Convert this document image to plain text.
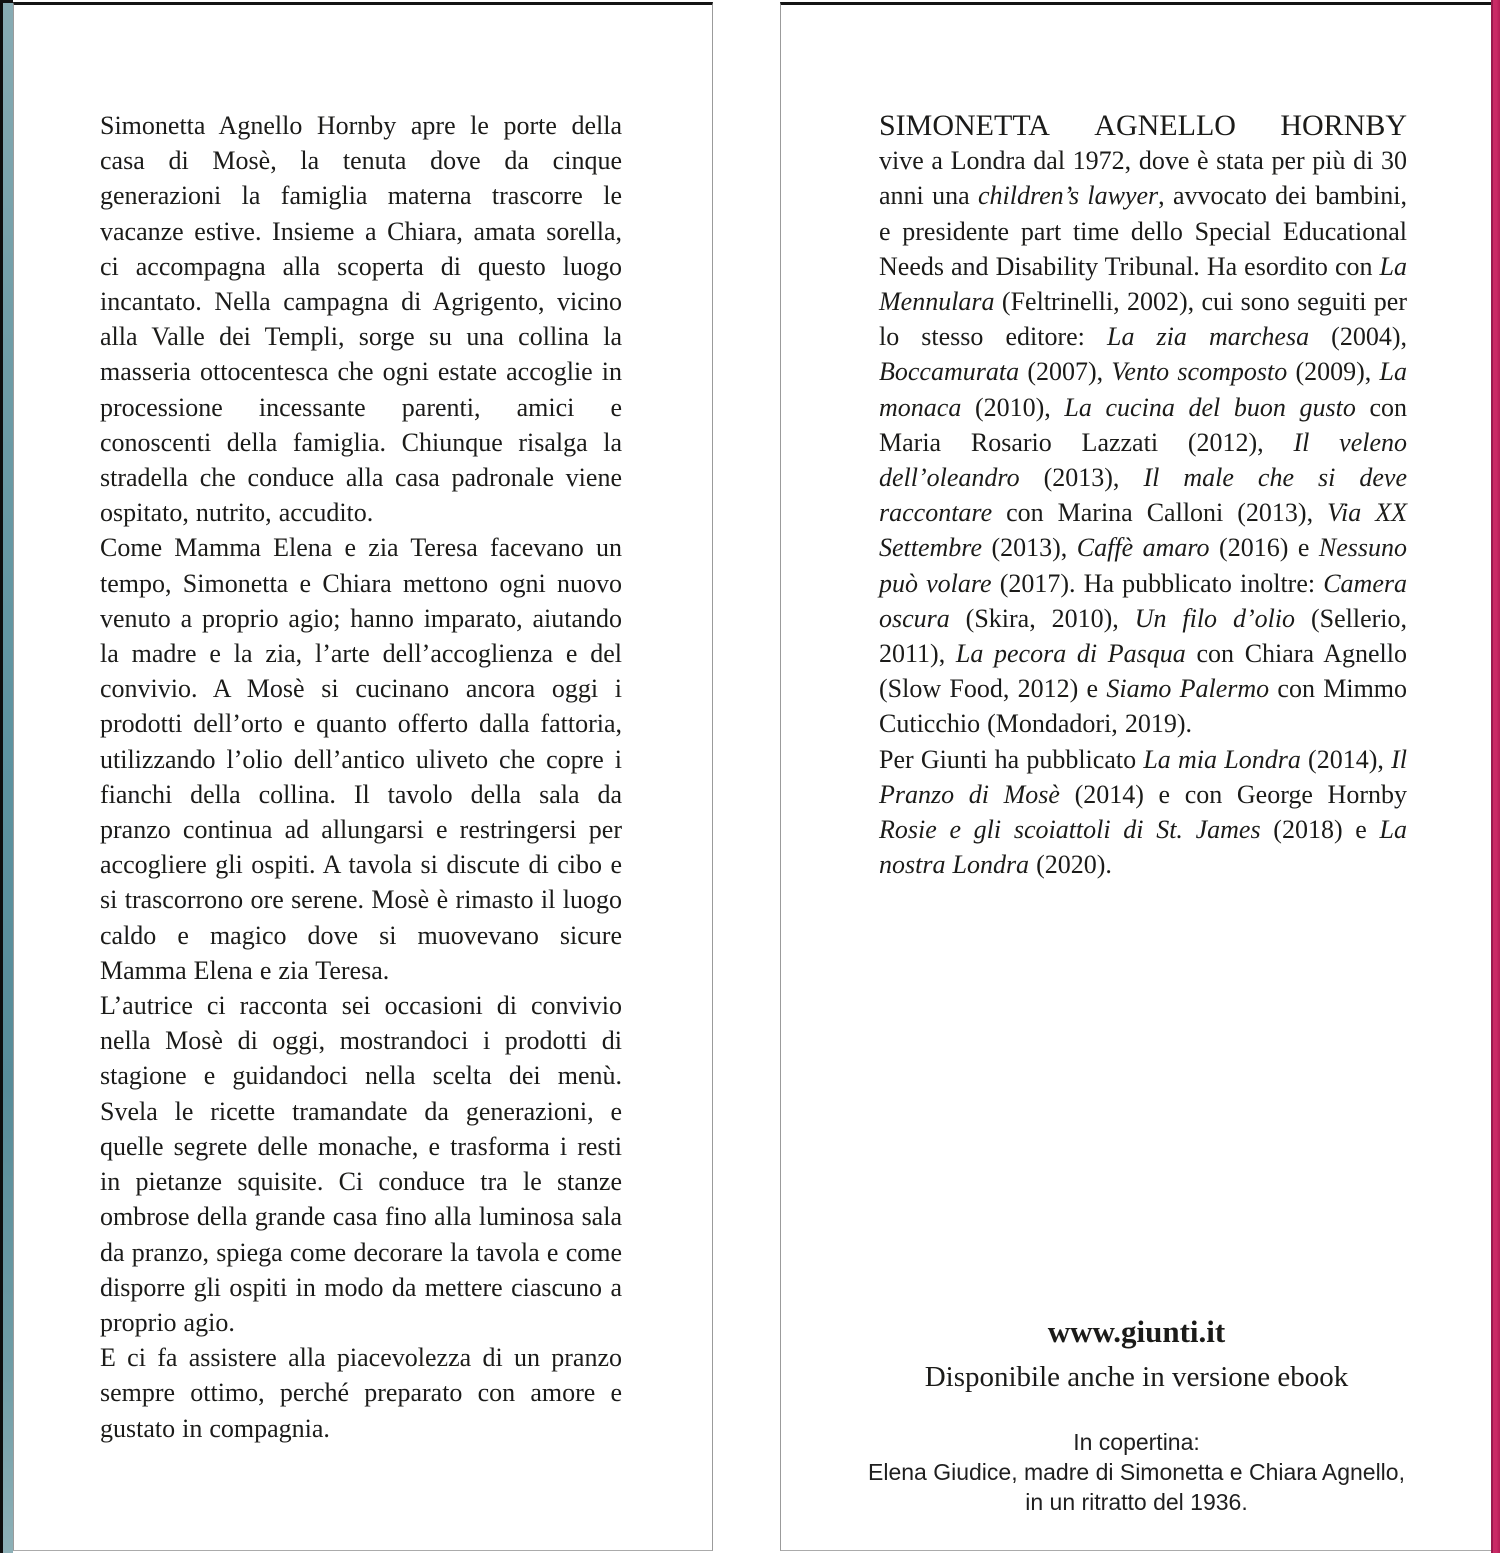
Simonetta Agnello Hornby apre le porte della casa di Mosè, la tenuta dove da cinque generazioni la famiglia materna trascorre le vacanze estive. Insieme a Chiara, amata sorella, ci accompagna alla scoperta di questo luogo incantato. Nella campagna di Agrigento, vicino alla Valle dei Templi, sorge su una collina la masseria ottocentesca che ogni estate accoglie in processione incessante parenti, amici e conoscenti della famiglia. Chiunque risalga la stradella che conduce alla casa padronale viene ospitato, nutrito, accudito.

Come Mamma Elena e zia Teresa facevano un tempo, Simonetta e Chiara mettono ogni nuovo venuto a proprio agio; hanno imparato, aiutando la madre e la zia, l’arte dell’accoglienza e del convivio. A Mosè si cucinano ancora oggi i prodotti dell’orto e quanto offerto dalla fattoria, utilizzando l’olio dell’antico uliveto che copre i fianchi della collina. Il tavolo della sala da pranzo continua ad allungarsi e restringersi per accogliere gli ospiti. A tavola si discute di cibo e si trascorrono ore serene. Mosè è rimasto il luogo caldo e magico dove si muovevano sicure Mamma Elena e zia Teresa.

L’autrice ci racconta sei occasioni di convivio nella Mosè di oggi, mostrandoci i prodotti di stagione e guidandoci nella scelta dei menù. Svela le ricette tramandate da generazioni, e quelle segrete delle monache, e trasforma i resti in pietanze squisite. Ci conduce tra le stanze ombrose della grande casa fino alla luminosa sala da pranzo, spiega come decorare la tavola e come disporre gli ospiti in modo da mettere ciascuno a proprio agio.

E ci fa assistere alla piacevolezza di un pranzo sempre ottimo, perché preparato con amore e gustato in compagnia.

SIMONETTA AGNELLO HORNBY

vive a Londra dal 1972, dove è stata per più di 30 anni una children’s lawyer, avvocato dei bambini, e presidente part time dello Special Educational Needs and Disability Tribunal. Ha esordito con La Mennulara (Feltrinelli, 2002), cui sono seguiti per lo stesso editore: La zia marchesa (2004), Boccamurata (2007), Vento scomposto (2009), La monaca (2010), La cucina del buon gusto con Maria Rosario Lazzati (2012), Il veleno dell’oleandro (2013), Il male che si deve raccontare con Marina Calloni (2013), Via XX Settembre (2013), Caffè amaro (2016) e Nessuno può volare (2017). Ha pubblicato inoltre: Camera oscura (Skira, 2010), Un filo d’olio (Sellerio, 2011), La pecora di Pasqua con Chiara Agnello (Slow Food, 2012) e Siamo Palermo con Mimmo Cuticchio (Mondadori, 2019).

Per Giunti ha pubblicato La mia Londra (2014), Il Pranzo di Mosè (2014) e con George Hornby Rosie e gli scoiattoli di St. James (2018) e La nostra Londra (2020).

www.giunti.it
Disponibile anche in versione ebook
In copertina:
Elena Giudice, madre di Simonetta e Chiara Agnello,
in un ritratto del 1936.
